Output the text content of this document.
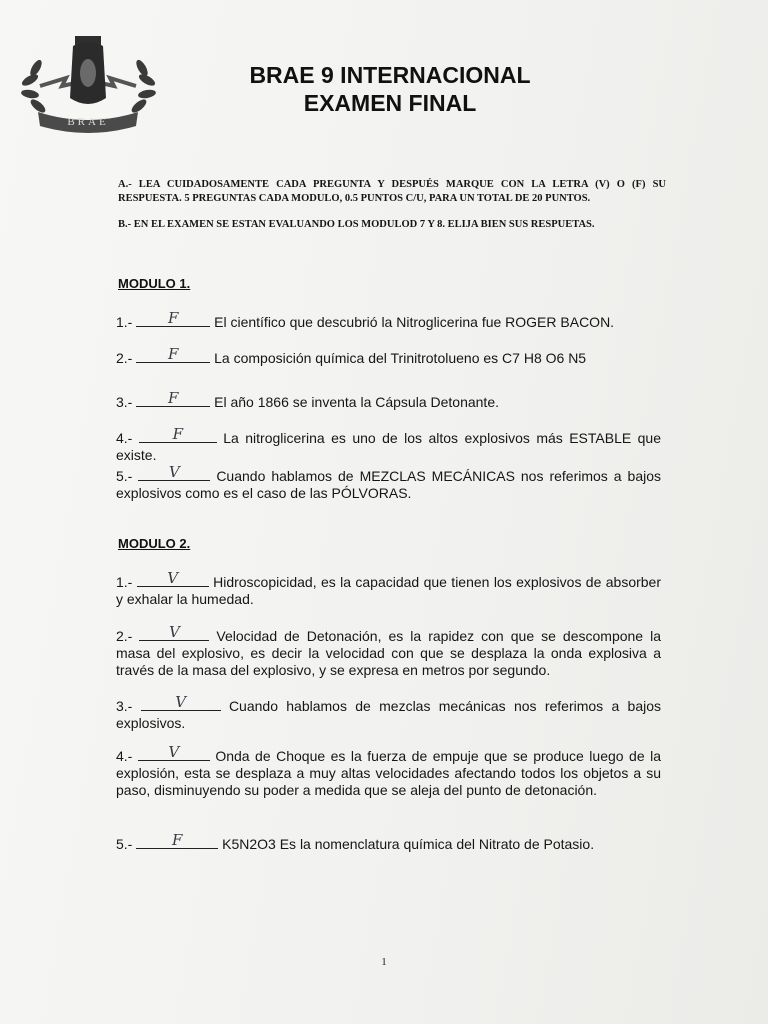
BRAE
BRAE 9 INTERNACIONAL
EXAMEN FINAL
A.- LEA CUIDADOSAMENTE CADA PREGUNTA Y DESPUÉS MARQUE CON LA LETRA (V) O (F) SU RESPUESTA. 5 PREGUNTAS CADA MODULO, 0.5 PUNTOS C/U, PARA UN TOTAL DE 20 PUNTOS.
B.- EN EL EXAMEN SE ESTAN EVALUANDO LOS MODULOD 7 Y 8. ELIJA BIEN SUS RESPUETAS.
MODULO 1.
1.-	F	El científico que descubrió la Nitroglicerina fue ROGER BACON.
2.-	F	La composición química del Trinitrotolueno es C7 H8 O6 N5
3.-	F	El año 1866 se inventa la Cápsula Detonante.
4.-	F	La nitroglicerina es uno de los altos explosivos más ESTABLE que existe.
5.-	V	Cuando hablamos de MEZCLAS MECÁNICAS nos referimos a bajos explosivos como es el caso de las PÓLVORAS.
MODULO 2.
1.-	V	Hidroscopicidad, es la capacidad que tienen los explosivos de absorber y exhalar la humedad.
2.-	V	Velocidad de Detonación, es la rapidez con que se descompone la masa del explosivo, es decir la velocidad con que se desplaza la onda explosiva a través de la masa del explosivo, y se expresa en metros por segundo.
3.-	V	Cuando hablamos de mezclas mecánicas nos referimos a bajos explosivos.
4.-	V	Onda de Choque es la fuerza de empuje que se produce luego de la explosión, esta se desplaza a muy altas velocidades afectando todos los objetos a su paso, disminuyendo su poder a medida que se aleja del punto de detonación.
5.-	F	K5N2O3 Es la nomenclatura química del Nitrato de Potasio.
1
